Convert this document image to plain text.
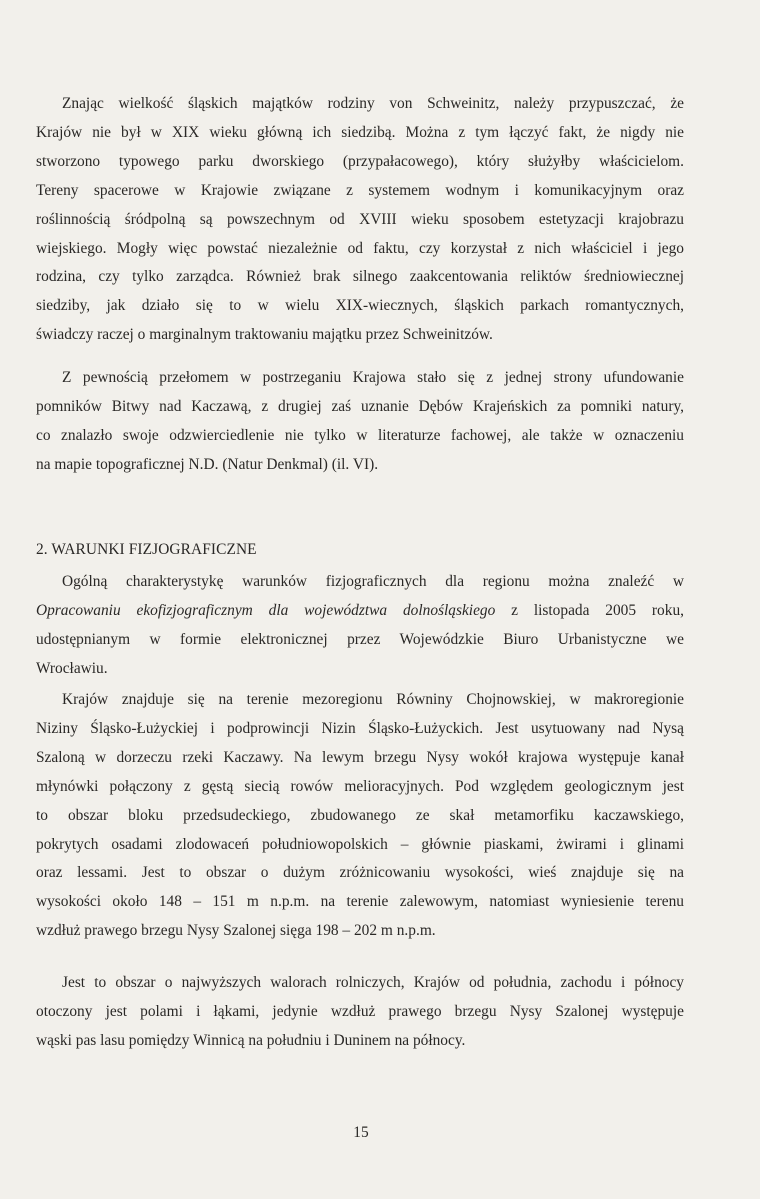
Znając wielkość śląskich majątków rodziny von Schweinitz, należy przypuszczać, że
Krajów nie był w XIX wieku główną ich siedzibą. Można z tym łączyć fakt, że nigdy nie
stworzono typowego parku dworskiego (przypałacowego), który służyłby właścicielom.
Tereny spacerowe w Krajowie związane z systemem wodnym i komunikacyjnym oraz
roślinnością śródpolną są powszechnym od XVIII wieku sposobem estetyzacji krajobrazu
wiejskiego. Mogły więc powstać niezależnie od faktu, czy korzystał z nich właściciel i jego
rodzina, czy tylko zarządca. Również brak silnego zaakcentowania reliktów średniowiecznej
siedziby, jak działo się to w wielu XIX-wiecznych, śląskich parkach romantycznych,
świadczy raczej o marginalnym traktowaniu majątku przez Schweinitzów.
Z pewnością przełomem w postrzeganiu Krajowa stało się z jednej strony ufundowanie
pomników Bitwy nad Kaczawą, z drugiej zaś uznanie Dębów Krajeńskich za pomniki natury,
co znalazło swoje odzwierciedlenie nie tylko w literaturze fachowej, ale także w oznaczeniu
na mapie topograficznej N.D. (Natur Denkmal) (il. VI).
2. WARUNKI FIZJOGRAFICZNE
Ogólną charakterystykę warunków fizjograficznych dla regionu można znaleźć w
Opracowaniu ekofizjograficznym dla województwa dolnośląskiego z listopada 2005 roku,
udostępnianym w formie elektronicznej przez Wojewódzkie Biuro Urbanistyczne we
Wrocławiu.
Krajów znajduje się na terenie mezoregionu Równiny Chojnowskiej, w makroregionie
Niziny Śląsko-Łużyckiej i podprowincji Nizin Śląsko-Łużyckich. Jest usytuowany nad Nysą
Szaloną w dorzeczu rzeki Kaczawy. Na lewym brzegu Nysy wokół krajowa występuje kanał
młynówki połączony z gęstą siecią rowów melioracyjnych. Pod względem geologicznym jest
to obszar bloku przedsudeckiego, zbudowanego ze skał metamorfiku kaczawskiego,
pokrytych osadami zlodowaceń południowopolskich – głównie piaskami, żwirami i glinami
oraz lessami. Jest to obszar o dużym zróżnicowaniu wysokości, wieś znajduje się na
wysokości około 148 – 151 m n.p.m. na terenie zalewowym, natomiast wyniesienie terenu
wzdłuż prawego brzegu Nysy Szalonej sięga 198 – 202 m n.p.m.
Jest to obszar o najwyższych walorach rolniczych, Krajów od południa, zachodu i północy
otoczony jest polami i łąkami, jedynie wzdłuż prawego brzegu Nysy Szalonej występuje
wąski pas lasu pomiędzy Winnicą na południu i Duninem na północy.
15
